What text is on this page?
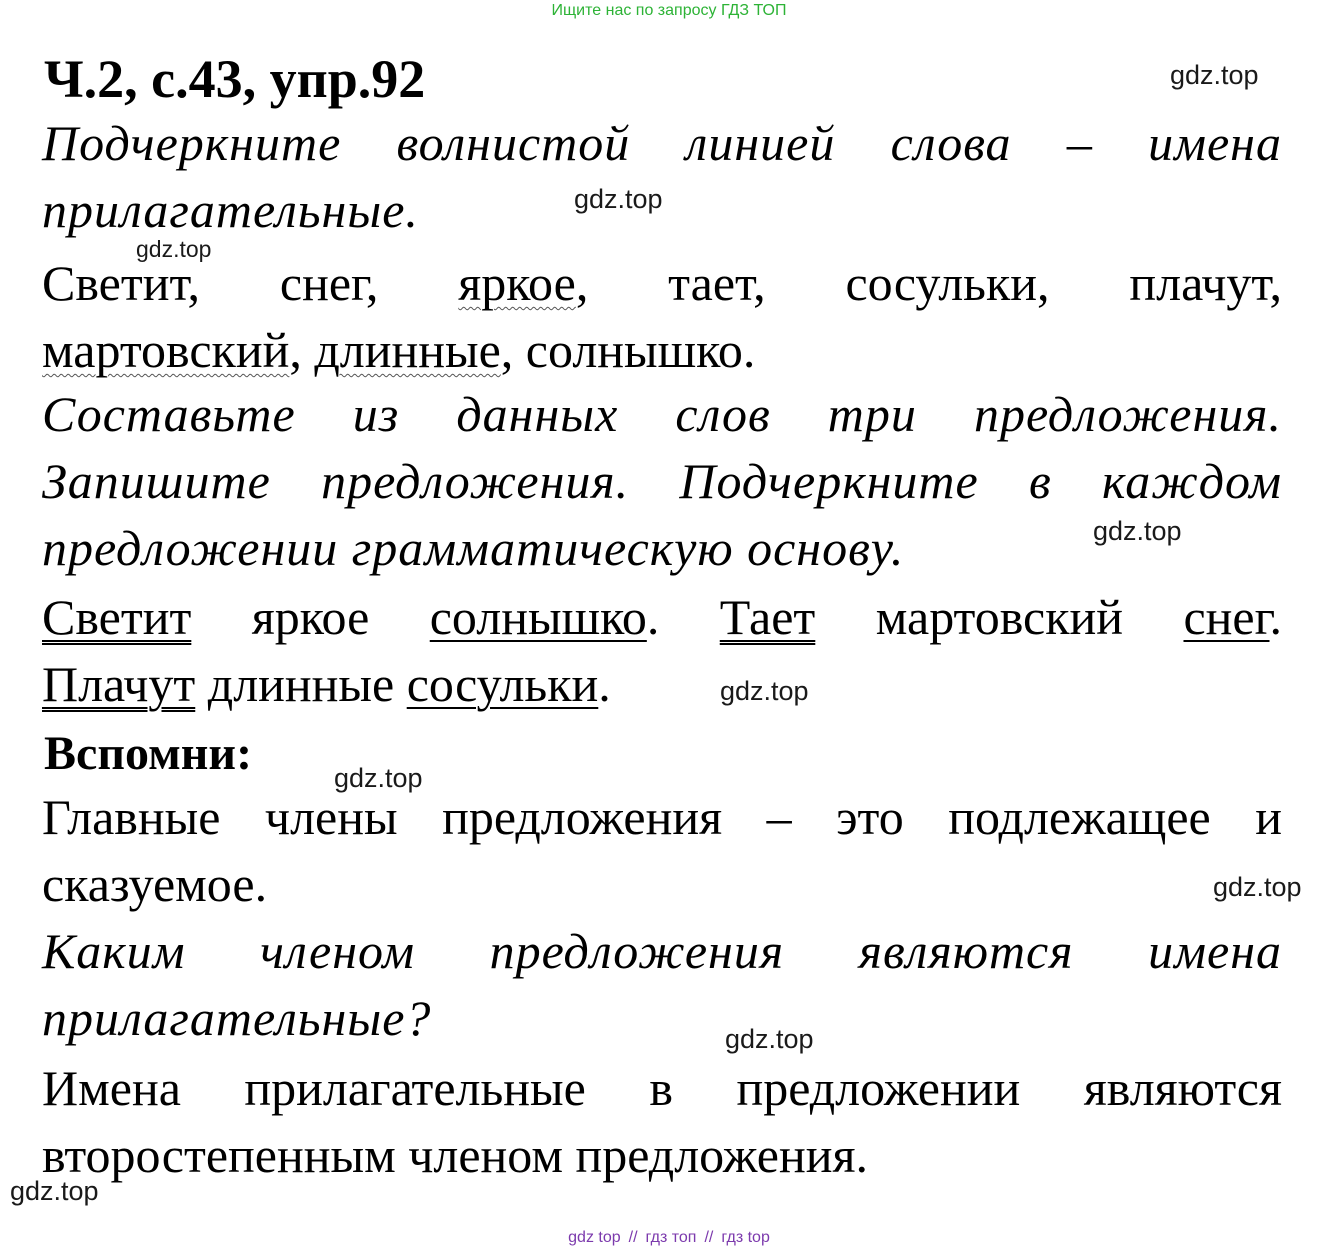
Ищите нас по запросу ГДЗ ТОП
Ч.2, с.43, упр.92
Подчеркните волнистой линией слова – имена
прилагательные.
Светит, снег, яркое, тает, сосульки, плачут,
мартовский, длинные, солнышко.
Составьте из данных слов три предложения.
Запишите предложения. Подчеркните в каждом
предложении грамматическую основу.
Светит яркое солнышко. Тает мартовский снег.
Плачут длинные сосульки.
Вспомни:
Главные члены предложения – это подлежащее и
сказуемое.
Каким членом предложения являются имена
прилагательные?
Имена прилагательные в предложении являются
второстепенным членом предложения.
gdz.top
gdz.top
gdz.top
gdz.top
gdz.top
gdz.top
gdz.top
gdz.top
gdz.top
gdz top // гдз топ // гдз top
